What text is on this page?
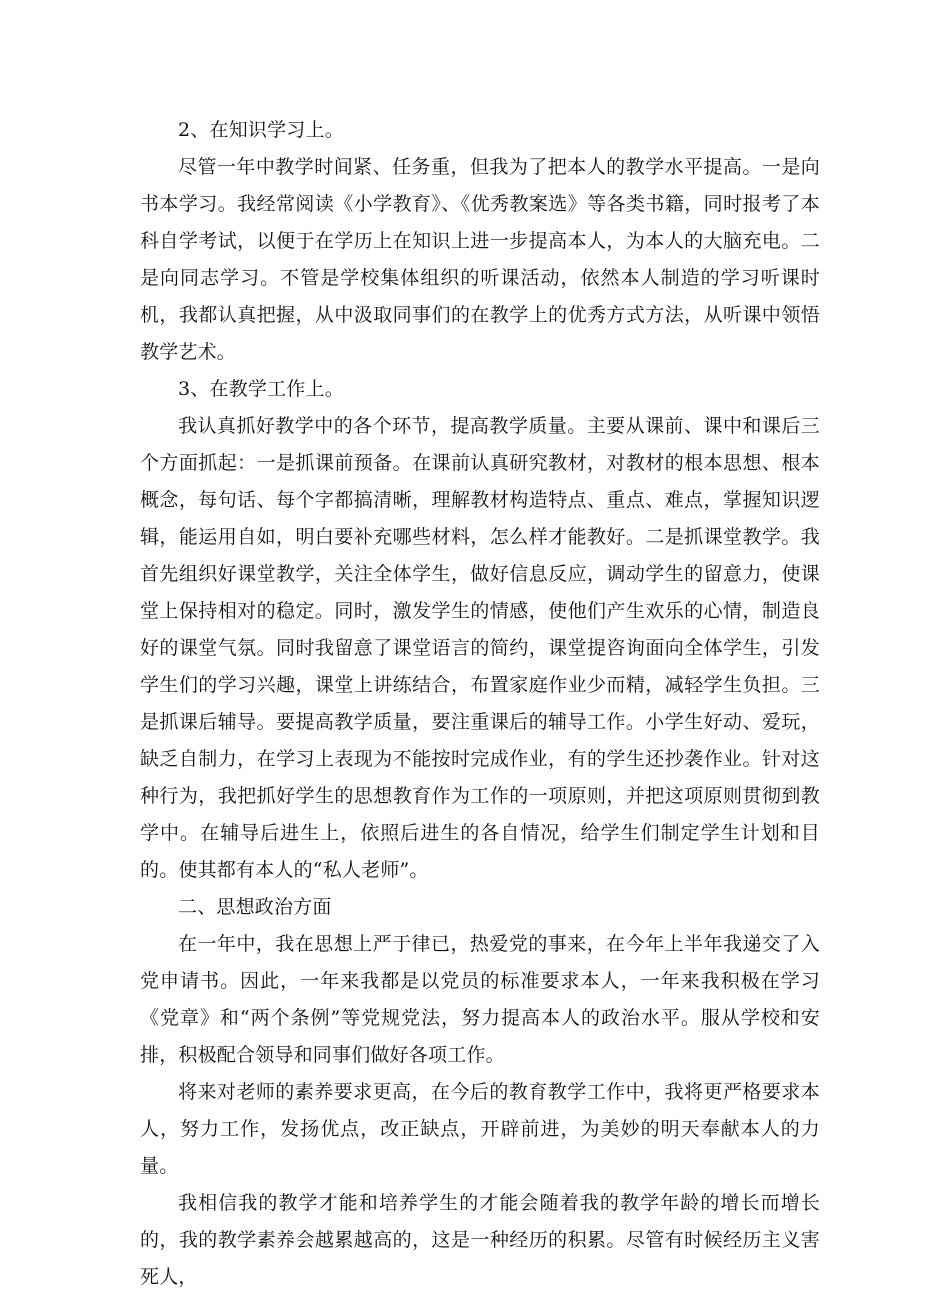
2、在知识学习上。

尽管一年中教学时间紧、任务重，但我为了把本人的教学水平提高。一是向书本学习。我经常阅读《小学教育》、《优秀教案选》等各类书籍，同时报考了本科自学考试，以便于在学历上在知识上进一步提高本人，为本人的大脑充电。二是向同志学习。不管是学校集体组织的听课活动，依然本人制造的学习听课时机，我都认真把握，从中汲取同事们的在教学上的优秀方式方法，从听课中领悟教学艺术。

3、在教学工作上。

我认真抓好教学中的各个环节，提高教学质量。主要从课前、课中和课后三个方面抓起：一是抓课前预备。在课前认真研究教材，对教材的根本思想、根本概念，每句话、每个字都搞清晰，理解教材构造特点、重点、难点，掌握知识逻辑，能运用自如，明白要补充哪些材料，怎么样才能教好。二是抓课堂教学。我首先组织好课堂教学，关注全体学生，做好信息反应，调动学生的留意力，使课堂上保持相对的稳定。同时，激发学生的情感，使他们产生欢乐的心情，制造良好的课堂气氛。同时我留意了课堂语言的简约，课堂提咨询面向全体学生，引发学生们的学习兴趣，课堂上讲练结合，布置家庭作业少而精，减轻学生负担。三是抓课后辅导。要提高教学质量，要注重课后的辅导工作。小学生好动、爱玩，缺乏自制力，在学习上表现为不能按时完成作业，有的学生还抄袭作业。针对这种行为，我把抓好学生的思想教育作为工作的一项原则，并把这项原则贯彻到教学中。在辅导后进生上，依照后进生的各自情况，给学生们制定学生计划和目的。使其都有本人的“私人老师”。

二、思想政治方面

在一年中，我在思想上严于律已，热爱党的事来，在今年上半年我递交了入党申请书。因此，一年来我都是以党员的标准要求本人，一年来我积极在学习《党章》和“两个条例”等党规党法，努力提高本人的政治水平。服从学校和安排，积极配合领导和同事们做好各项工作。

将来对老师的素养要求更高，在今后的教育教学工作中，我将更严格要求本人，努力工作，发扬优点，改正缺点，开辟前进，为美妙的明天奉献本人的力量。

我相信我的教学才能和培养学生的才能会随着我的教学年龄的增长而增长的，我的教学素养会越累越高的，这是一种经历的积累。尽管有时候经历主义害死人，
